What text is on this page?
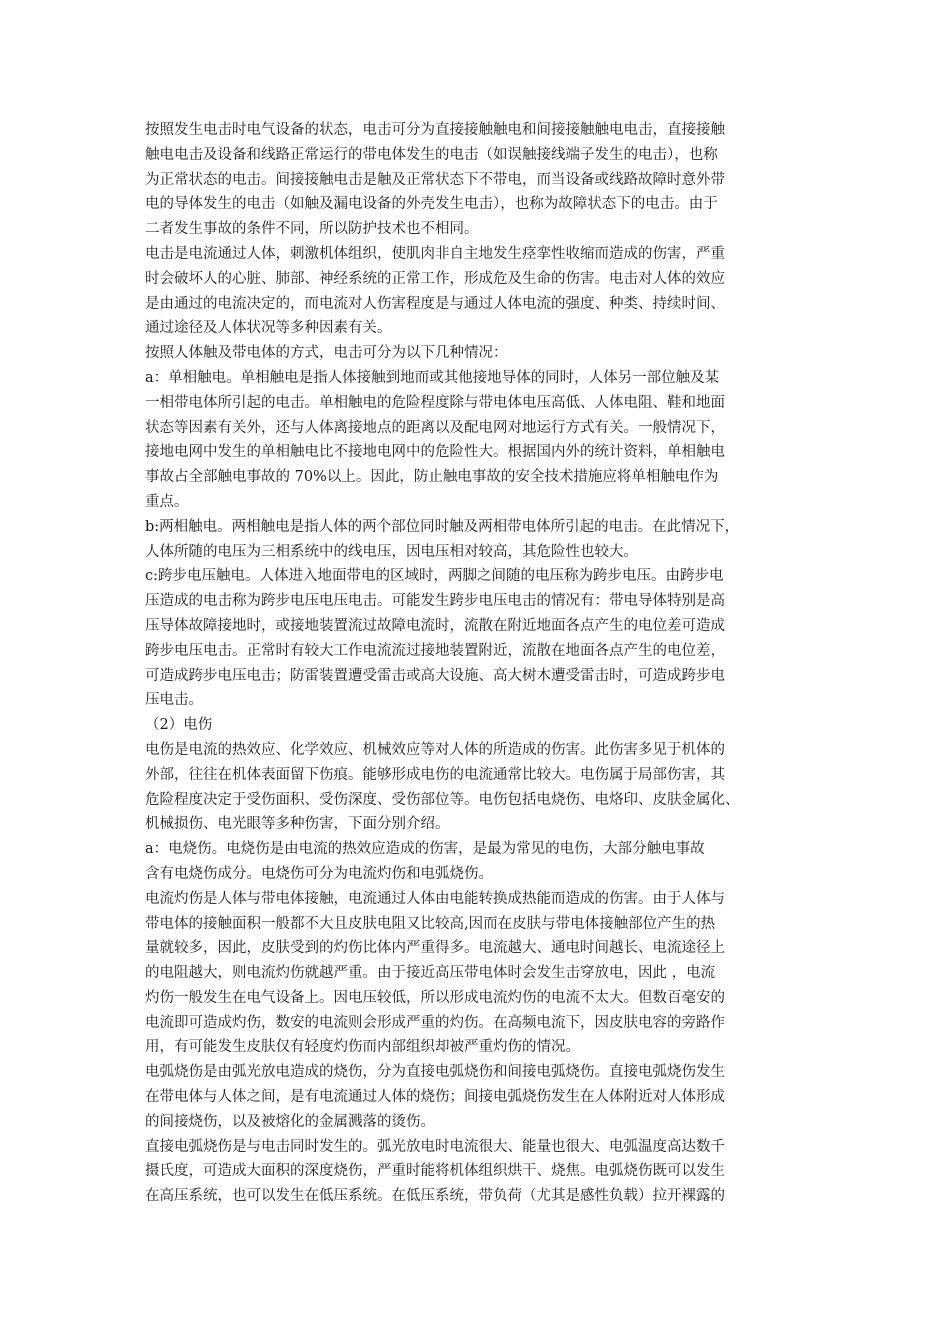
按照发生电击时电气设备的状态，电击可分为直接接触触电和间接接触触电电击，直接接触
触电电击及设备和线路正常运行的带电体发生的电击（如误触接线端子发生的电击），也称
为正常状态的电击。间接接触电击是触及正常状态下不带电，而当设备或线路故障时意外带
电的导体发生的电击（如触及漏电设备的外壳发生电击），也称为故障状态下的电击。由于
二者发生事故的条件不同，所以防护技术也不相同。
电击是电流通过人体，刺激机体组织，使肌肉非自主地发生痉挛性收缩而造成的伤害，严重
时会破坏人的心脏、肺部、神经系统的正常工作，形成危及生命的伤害。电击对人体的效应
是由通过的电流决定的，而电流对人伤害程度是与通过人体电流的强度、种类、持续时间、
通过途径及人体状况等多种因素有关。
按照人体触及带电体的方式，电击可分为以下几种情况：
a：单相触电。单相触电是指人体接触到地而或其他接地导体的同时，人体另一部位触及某
一相带电体所引起的电击。单相触电的危险程度除与带电体电压高低、人体电阻、鞋和地面
状态等因素有关外，还与人体离接地点的距离以及配电网对地运行方式有关。一般情况下，
接地电网中发生的单相触电比不接地电网中的危险性大。根据国内外的统计资料，单相触电
事故占全部触电事故的 70%以上。因此，防止触电事故的安全技术措施应将单相触电作为
重点。
b:两相触电。两相触电是指人体的两个部位同时触及两相带电体所引起的电击。在此情况下，
人体所随的电压为三相系统中的线电压，因电压相对较高，其危险性也较大。
c:跨步电压触电。人体进入地面带电的区域时，两脚之间随的电压称为跨步电压。由跨步电
压造成的电击称为跨步电压电压电击。可能发生跨步电压电击的情况有：带电导体特别是高
压导体故障接地时，或接地装置流过故障电流时，流散在附近地面各点产生的电位差可造成
跨步电压电击。正常时有较大工作电流流过接地装置附近，流散在地面各点产生的电位差，
可造成跨步电压电击；防雷装置遭受雷击或高大设施、高大树木遭受雷击时，可造成跨步电
压电击。
（2）电伤
电伤是电流的热效应、化学效应、机械效应等对人体的所造成的伤害。此伤害多见于机体的
外部，往往在机体表面留下伤痕。能够形成电伤的电流通常比较大。电伤属于局部伤害，其
危险程度决定于受伤面积、受伤深度、受伤部位等。电伤包括电烧伤、电烙印、皮肤金属化、
机械损伤、电光眼等多种伤害，下面分别介绍。
a：电烧伤。电烧伤是由电流的热效应造成的伤害，是最为常见的电伤，大部分触电事故
含有电烧伤成分。电烧伤可分为电流灼伤和电弧烧伤。
电流灼伤是人体与带电体接触，电流通过人体由电能转换成热能而造成的伤害。由于人体与
带电体的接触面积一般都不大且皮肤电阻又比较高,因而在皮肤与带电体接触部位产生的热
量就较多，因此，皮肤受到的灼伤比体内严重得多。电流越大、通电时间越长、电流途径上
的电阻越大，则电流灼伤就越严重。由于接近高压带电体时会发生击穿放电，因此 ，电流
灼伤一般发生在电气设备上。因电压较低，所以形成电流灼伤的电流不太大。但数百毫安的
电流即可造成灼伤，数安的电流则会形成严重的灼伤。在高频电流下，因皮肤电容的旁路作
用，有可能发生皮肤仅有轻度灼伤而内部组织却被严重灼伤的情况。
电弧烧伤是由弧光放电造成的烧伤，分为直接电弧烧伤和间接电弧烧伤。直接电弧烧伤发生
在带电体与人体之间，是有电流通过人体的烧伤；间接电弧烧伤发生在人体附近对人体形成
的间接烧伤，以及被熔化的金属溅落的烫伤。
直接电弧烧伤是与电击同时发生的。弧光放电时电流很大、能量也很大、电弧温度高达数千
摄氏度，可造成大面积的深度烧伤，严重时能将机体组织烘干、烧焦。电弧烧伤既可以发生
在高压系统，也可以发生在低压系统。在低压系统，带负荷（尤其是感性负载）拉开裸露的
